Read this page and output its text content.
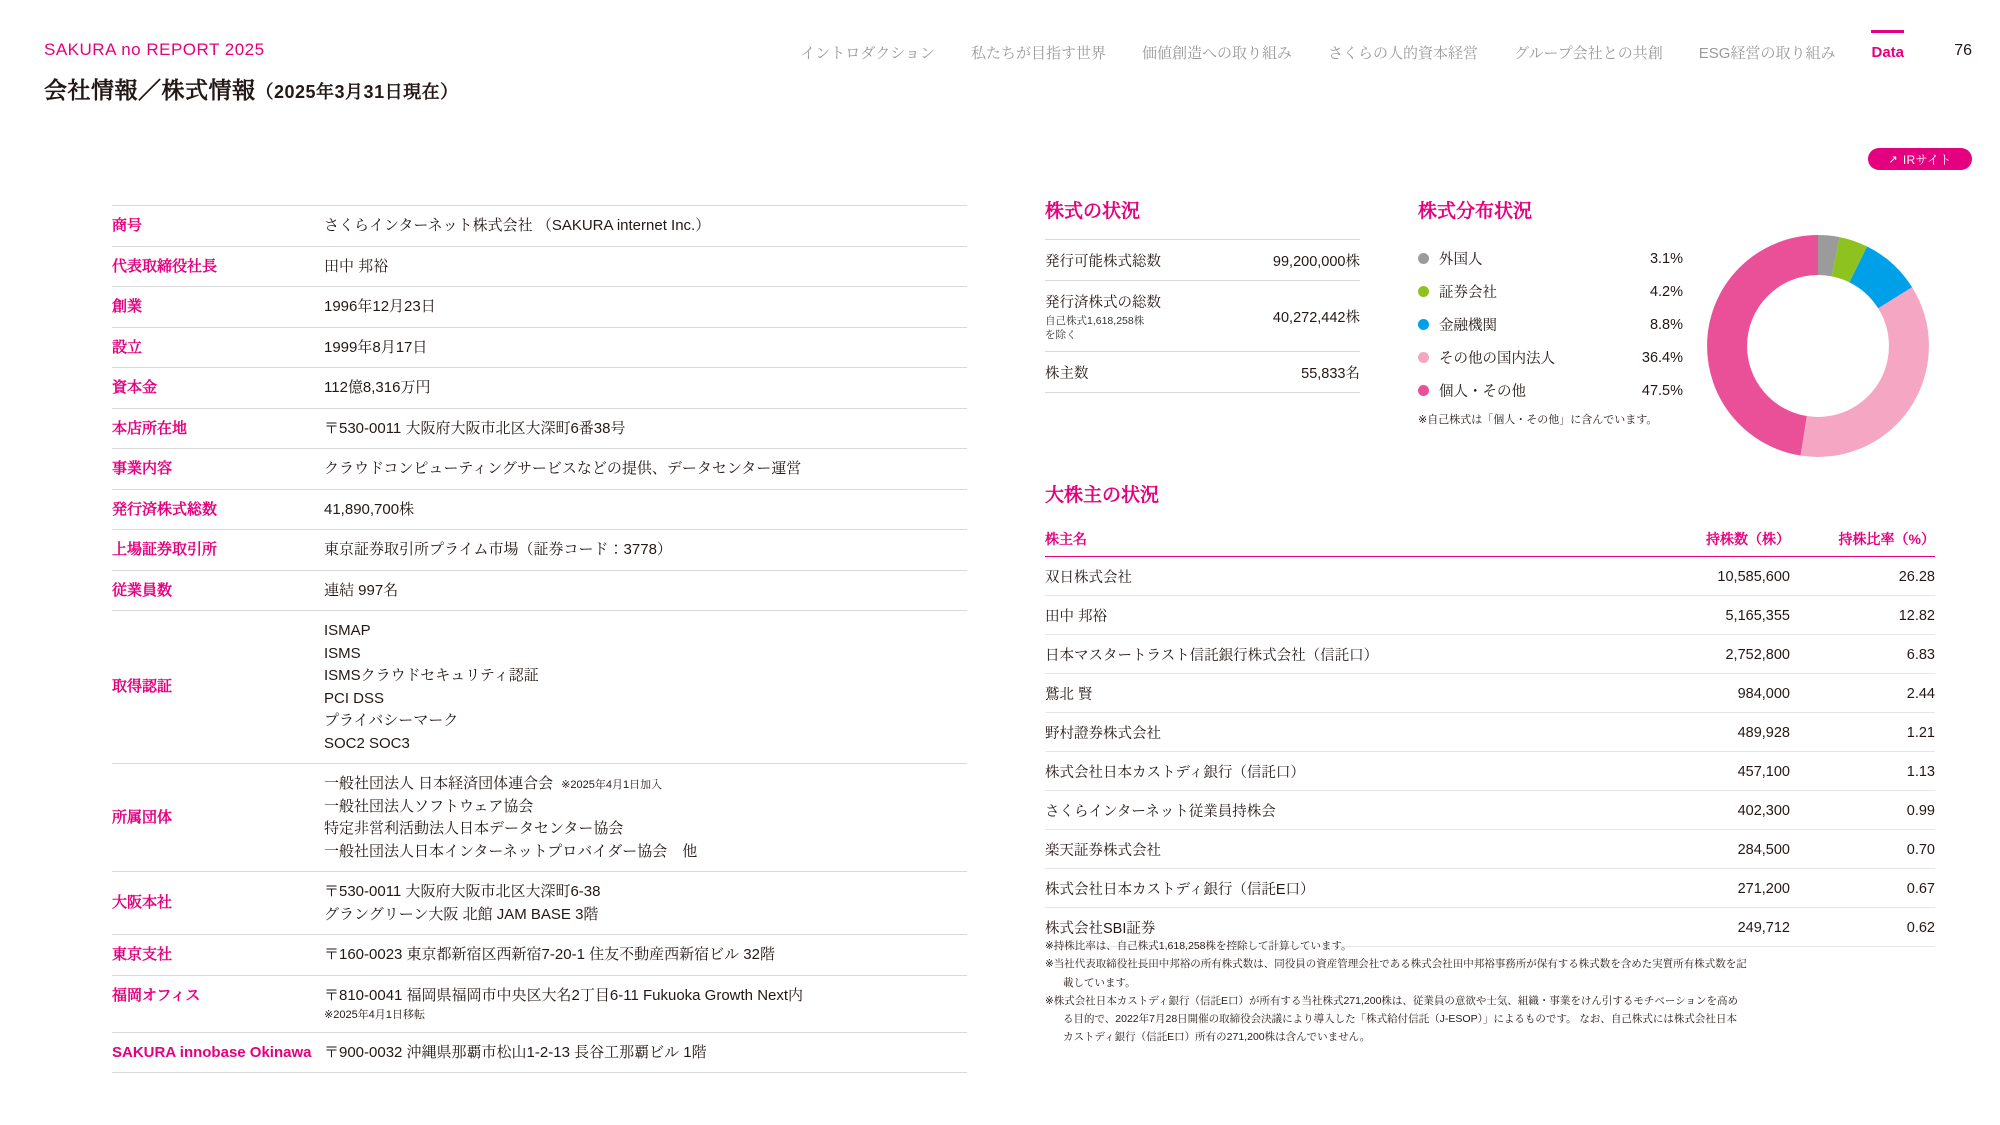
SAKURA no REPORT 2025
会社情報／株式情報（2025年3月31日現在）
イントロダクション 私たちが目指す世界 価値創造への取り組み さくらの人的資本経営 グループ会社との共創 ESG経営の取り組み Data	76
↗ IRサイト
商号	さくらインターネット株式会社 （SAKURA internet Inc.）

代表取締役社長	田中 邦裕

創業	1996年12月23日

設立	1999年8月17日

資本金	112億8,316万円

本店所在地	〒530-0011 大阪府大阪市北区大深町6番38号

事業内容	クラウドコンピューティングサービスなどの提供、データセンター運営

発行済株式総数	41,890,700株

上場証券取引所	東京証券取引所プライム市場（証券コード：3778）

従業員数	連結 997名

取得認証	
ISMAP
ISMS
ISMSクラウドセキュリティ認証
PCI DSS
プライバシーマーク
SOC2 SOC3

所属団体	一般社団法人 日本経済団体連合会 ※2025年4月1日加入
一般社団法人ソフトウェア協会
特定非営利活動法人日本データセンター協会
一般社団法人日本インターネットプロバイダー協会　他

大阪本社	〒530-0011 大阪府大阪市北区大深町6-38
グラングリーン大阪 北館 JAM BASE 3階

東京支社	〒160-0023 東京都新宿区西新宿7-20-1 住友不動産西新宿ビル 32階

福岡オフィス	〒810-0041 福岡県福岡市中央区大名2丁目6-11 Fukuoka Growth Next内
※2025年4月1日移転

SAKURA innobase Okinawa	〒900-0032 沖縄県那覇市松山1-2-13 長谷工那覇ビル 1階
株式の状況
発行可能株式総数	99,200,000株
発行済株式の総数
自己株式1,618,258株
を除く	40,272,442株
株主数	55,833名
株式分布状況
外国人	3.1%
証券会社	4.2%
金融機関	8.8%
その他の国内法人	36.4%
個人・その他	47.5%
※自己株式は「個人・その他」に含んでいます。
大株主の状況
株主名	持株数（株）	持株比率（%）
双日株式会社	10,585,600	26.28
田中 邦裕	5,165,355	12.82
日本マスタートラスト信託銀行株式会社（信託口）	2,752,800	6.83
鷲北 賢	984,000	2.44
野村證券株式会社	489,928	1.21
株式会社日本カストディ銀行（信託口）	457,100	1.13
さくらインターネット従業員持株会	402,300	0.99
楽天証券株式会社	284,500	0.70
株式会社日本カストディ銀行（信託E口）	271,200	0.67
株式会社SBI証券	249,712	0.62

※持株比率は、自己株式1,618,258株を控除して計算しています。

※当社代表取締役社長田中邦裕の所有株式数は、同役員の資産管理会社である株式会社田中邦裕事務所が保有する株式数を含めた実質所有株式数を記

載しています。

※株式会社日本カストディ銀行（信託E口）が所有する当社株式271,200株は、従業員の意欲や士気、組織・事業をけん引するモチベーションを高め

る目的で、2022年7月28日開催の取締役会決議により導入した「株式給付信託（J-ESOP）」によるものです。 なお、自己株式には株式会社日本

カストディ銀行（信託E口）所有の271,200株は含んでいません。
